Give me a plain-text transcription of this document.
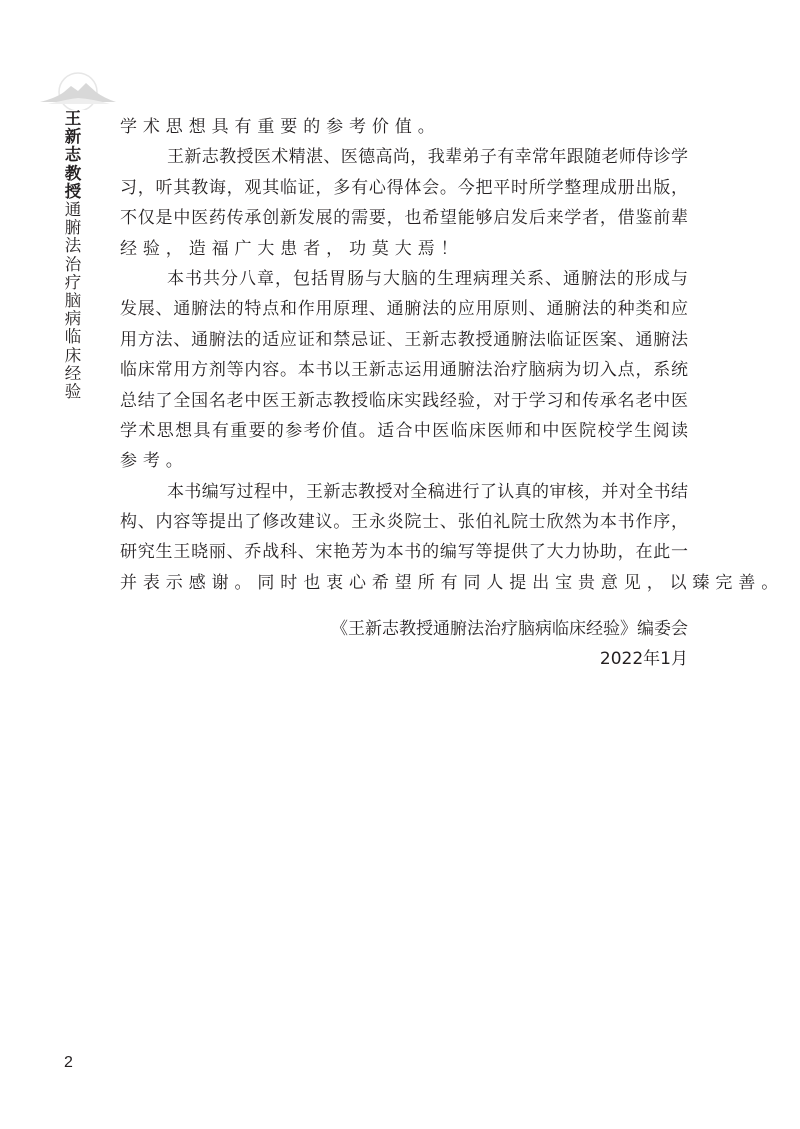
王
新
志
教
授
通
腑
法
治
疗
脑
病
临
床
经
验
学术思想具有重要的参考价值。
王新志教授医术精湛、医德高尚，我辈弟子有幸常年跟随老师侍诊学
习，听其教诲，观其临证，多有心得体会。今把平时所学整理成册出版，
不仅是中医药传承创新发展的需要，也希望能够启发后来学者，借鉴前辈
经验，造福广大患者，功莫大焉！
本书共分八章，包括胃肠与大脑的生理病理关系、通腑法的形成与
发展、通腑法的特点和作用原理、通腑法的应用原则、通腑法的种类和应
用方法、通腑法的适应证和禁忌证、王新志教授通腑法临证医案、通腑法
临床常用方剂等内容。本书以王新志运用通腑法治疗脑病为切入点，系统
总结了全国名老中医王新志教授临床实践经验，对于学习和传承名老中医
学术思想具有重要的参考价值。适合中医临床医师和中医院校学生阅读
参考。
本书编写过程中，王新志教授对全稿进行了认真的审核，并对全书结
构、内容等提出了修改建议。王永炎院士、张伯礼院士欣然为本书作序，
研究生王晓丽、乔战科、宋艳芳为本书的编写等提供了大力协助，在此一
并表示感谢。同时也衷心希望所有同人提出宝贵意见，以臻完善。
《王新志教授通腑法治疗脑病临床经验》编委会
2022年1月
2
